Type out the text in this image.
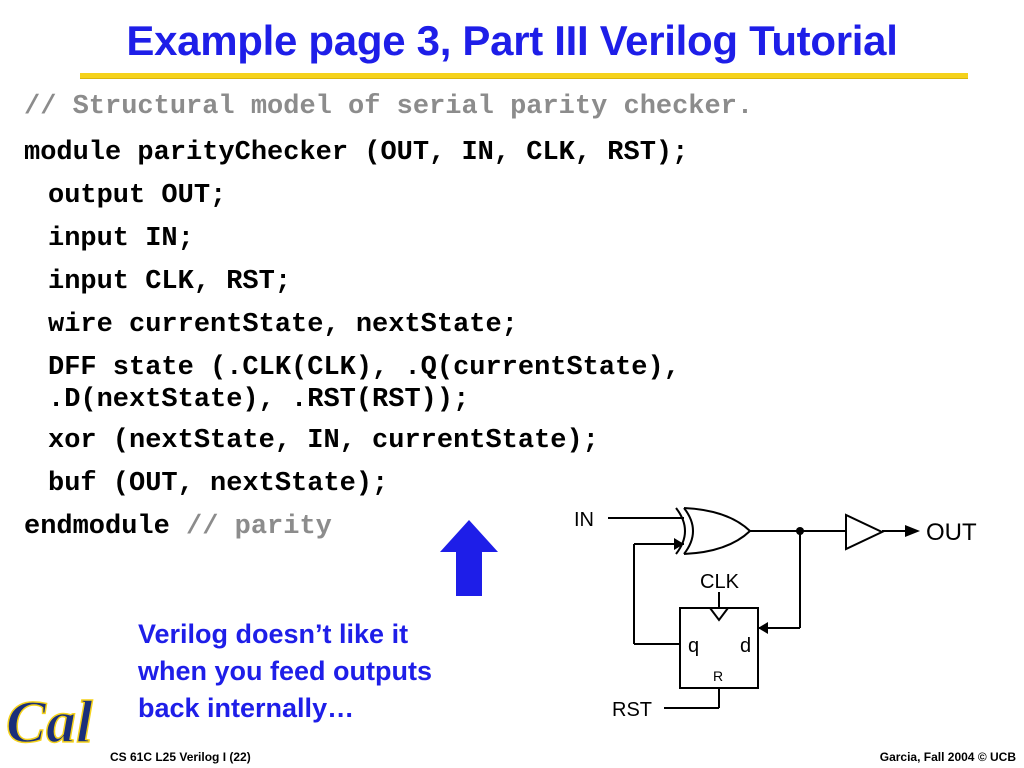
Example page 3, Part III Verilog Tutorial

// Structural model of serial parity checker.

module parityChecker (OUT, IN, CLK, RST);

output OUT;

input IN;

input CLK, RST;

wire currentState, nextState;

DFF state (.CLK(CLK), .Q(currentState),

.D(nextState), .RST(RST));

xor (nextState, IN, currentState);

buf (OUT, nextState);

endmodule // parity

Verilog doesn’t like it
when you feed outputs
back internally…
IN	OUT
CLK
q d
R
RST
Cal
CS 61C L25 Verilog I (22)	Garcia, Fall 2004 © UCB
